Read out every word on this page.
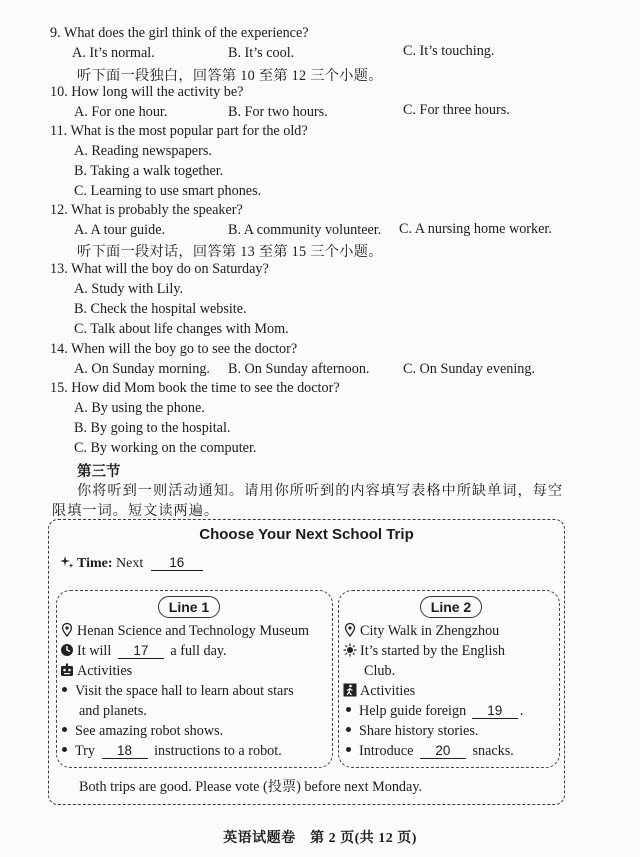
9. What does the girl think of the experience?
A. It’s normal.	B. It’s cool.	C. It’s touching.
听下面一段独白，回答第 10 至第 12 三个小题。
10. How long will the activity be?
A. For one hour.	B. For two hours.	C. For three hours.
11. What is the most popular part for the old?
A. Reading newspapers.
B. Taking a walk together.
C. Learning to use smart phones.
12. What is probably the speaker?
A. A tour guide.	B. A community volunteer. C. A nursing home worker.
听下面一段对话，回答第 13 至第 15 三个小题。
13. What will the boy do on Saturday?
A. Study with Lily.
B. Check the hospital website.
C. Talk about life changes with Mom.
14. When will the boy go to see the doctor?
A. On Sunday morning. B. On Sunday afternoon. C. On Sunday evening.
15. How did Mom book the time to see the doctor?
A. By using the phone.
B. By going to the hospital.
C. By working on the computer.
第三节
你将听到一则活动通知。请用你所听到的内容填写表格中所缺单词，每空
限填一词。短文读两遍。
Choose Your Next School Trip
Time: Next 16
Line 1
Henan Science and Technology Museum
It will 17 a full day.
Activities
Visit the space hall to learn about stars
and planets.
See amazing robot shows.
Try 18 instructions to a robot.
Line 2
City Walk in Zhengzhou
It’s started by the English
Club.
Activities
Help guide foreign 19 .
Share history stories.
Introduce 20 snacks.
Both trips are good. Please vote (投票) before next Monday.
英语试题卷　第 2 页(共 12 页)
